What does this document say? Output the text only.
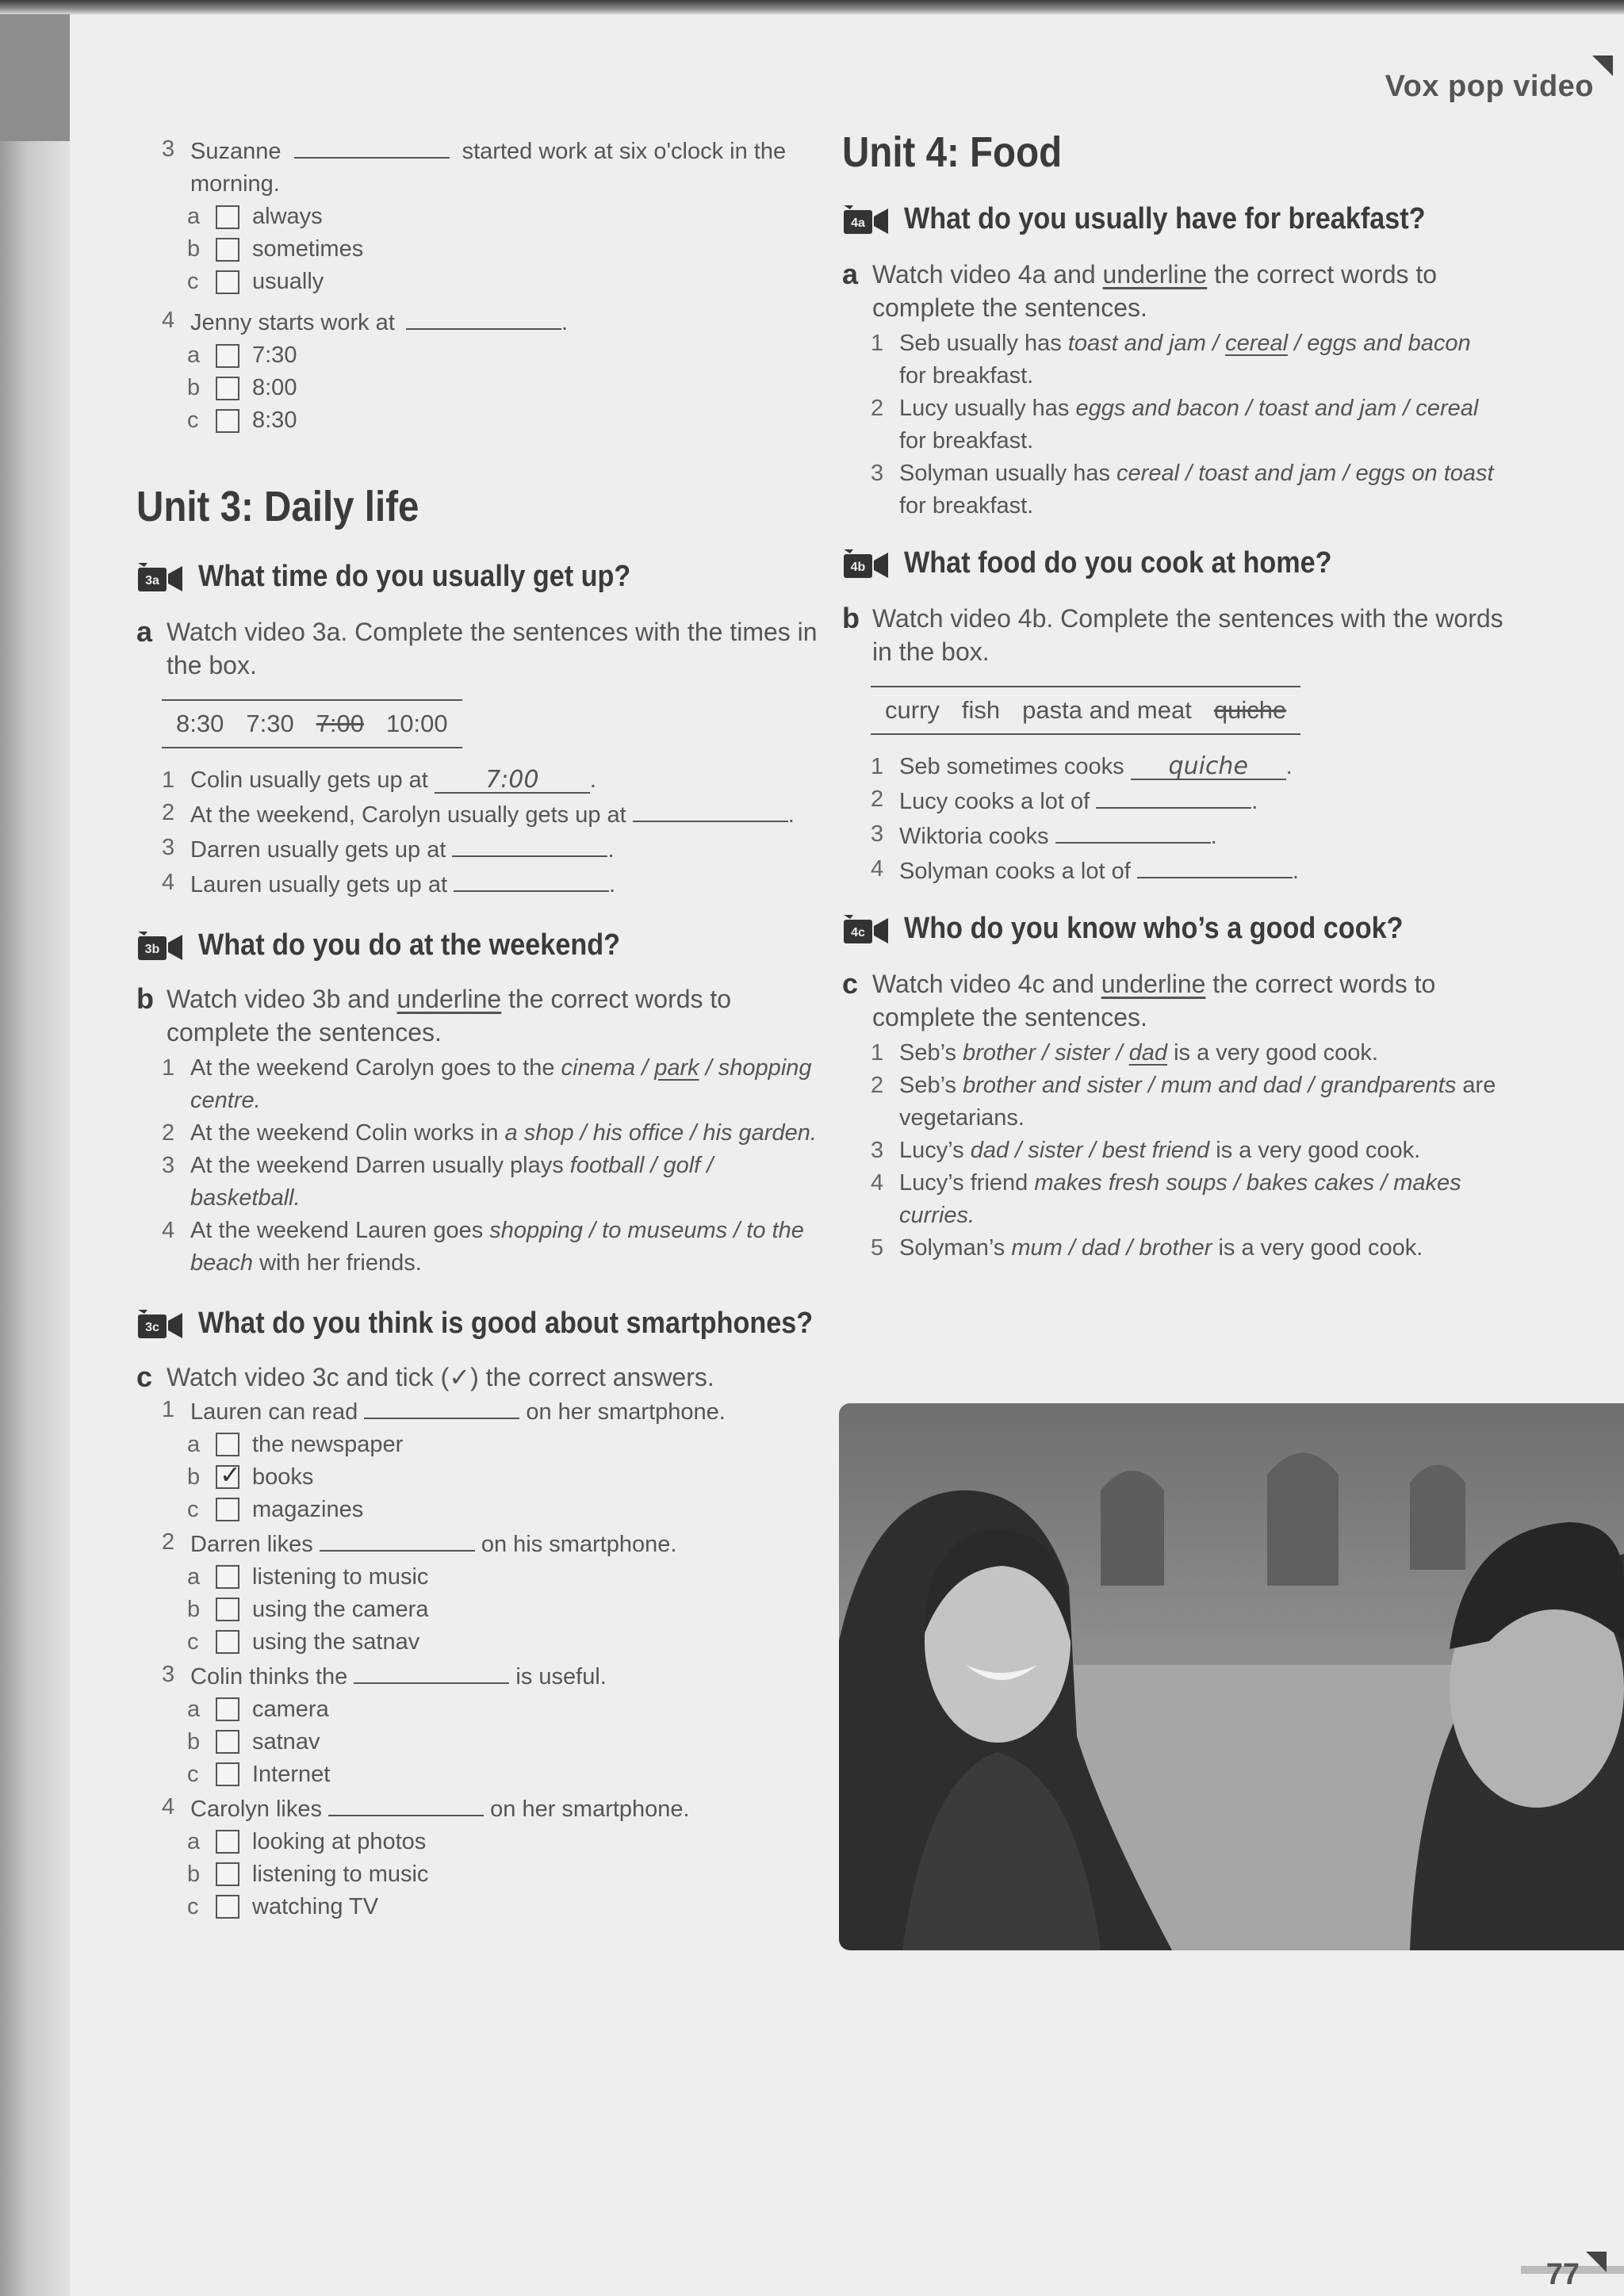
Vox pop video
3 Suzanne	started work at six o'clock in the
morning.
a	always
b	sometimes
c	usually
4 Jenny starts work at	.
a	7:30
b	8:00
c	8:30
Unit 3: Daily life
3a What time do you usually get up?
a Watch video 3a. Complete the sentences with the times in the box.
8:30 7:30 7:00 10:00
1 Colin usually gets up at 7:00 .
2 At the weekend, Carolyn usually gets up at	.
3 Darren usually gets up at	.
4 Lauren usually gets up at	.
3b What do you do at the weekend?
b Watch video 3b and underline the correct words to complete the sentences.
1 At the weekend Carolyn goes to the cinema / park / shopping centre.
2 At the weekend Colin works in a shop / his office / his garden.
3 At the weekend Darren usually plays football / golf / basketball.
4 At the weekend Lauren goes shopping / to museums / to the beach with her friends.
3c What do you think is good about smartphones?
c Watch video 3c and tick (✓) the correct answers.
1 Lauren can read	on her smartphone.
a	the newspaper
b ✓ books
c	magazines
2 Darren likes	on his smartphone.
a	listening to music
b	using the camera
c	using the satnav
3 Colin thinks the	is useful.
a	camera
b	satnav
c	Internet
4 Carolyn likes	on her smartphone.
a	looking at photos
b	listening to music
c	watching TV
Unit 4: Food
4a What do you usually have for breakfast?
a Watch video 4a and underline the correct words to complete the sentences.
1 Seb usually has toast and jam / cereal / eggs and bacon
for breakfast.
2 Lucy usually has eggs and bacon / toast and jam / cereal
for breakfast.
3 Solyman usually has cereal / toast and jam / eggs on toast
for breakfast.
4b What food do you cook at home?
b Watch video 4b. Complete the sentences with the words in the box.
curry fish pasta and meat quiche
1 Seb sometimes cooks quiche .
2 Lucy cooks a lot of	.
3 Wiktoria cooks	.
4 Solyman cooks a lot of	.
4c Who do you know who’s a good cook?
c Watch video 4c and underline the correct words to complete the sentences.
1 Seb’s brother / sister / dad is a very good cook.
2 Seb’s brother and sister / mum and dad / grandparents are vegetarians.
3 Lucy’s dad / sister / best friend is a very good cook.
4 Lucy’s friend makes fresh soups / bakes cakes / makes curries.
5 Solyman’s mum / dad / brother is a very good cook.
77
